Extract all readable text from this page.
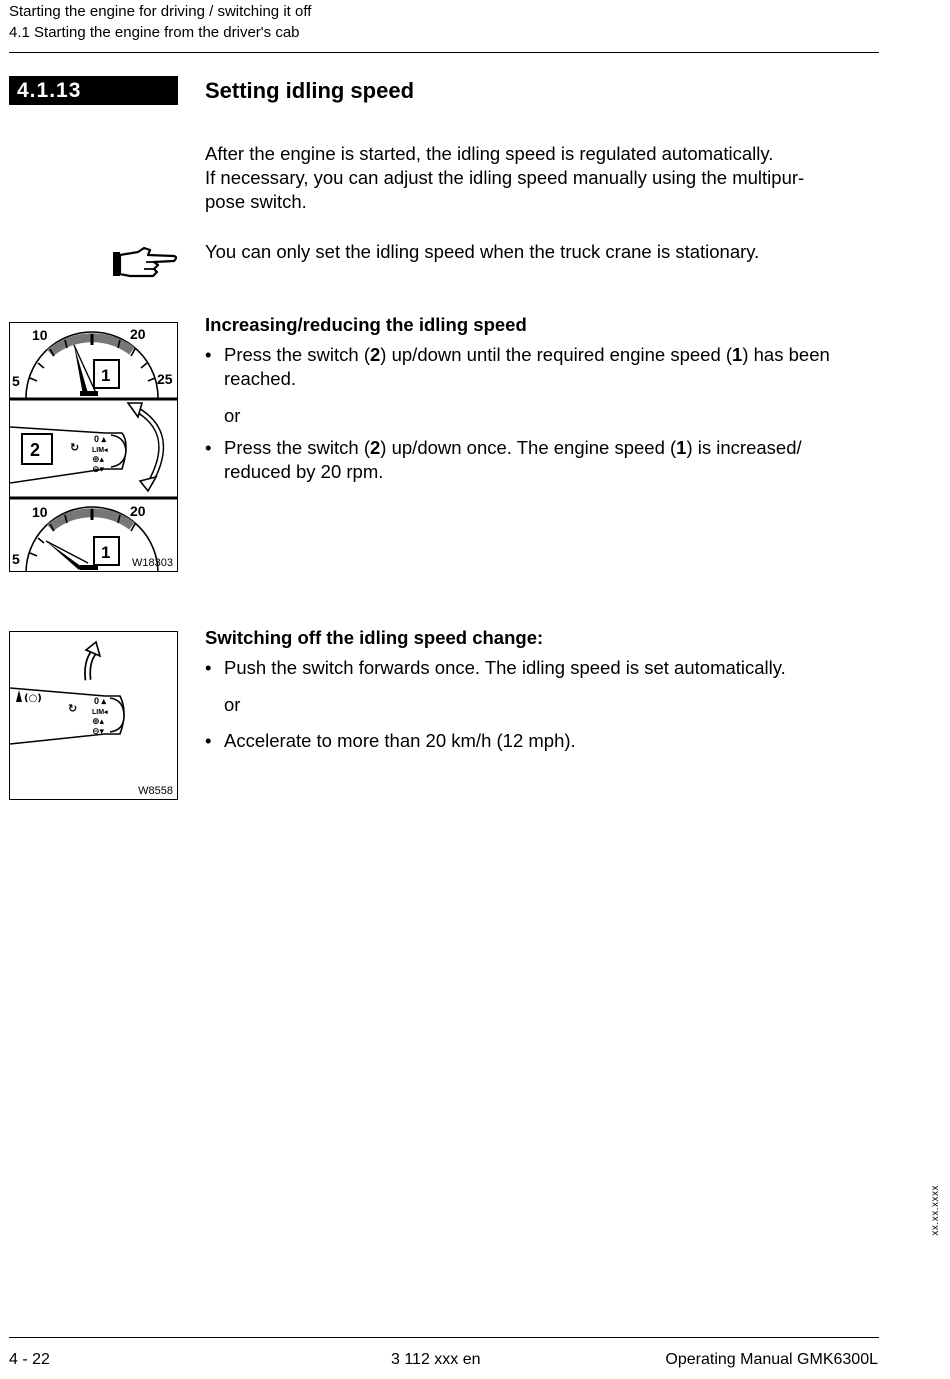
Starting the engine for driving / switching it off
4.1 Starting the engine from the driver's cab
4.1.13	Setting idling speed
After the engine is started, the idling speed is regulated automatically.
If necessary, you can adjust the idling speed manually using the multipur-
pose switch.
You can only set the idling speed when the truck crane is stationary.
10	20
5	25
1
2	↻
0 ▴
LIM◂
⊕▴
⊖▾
10	20
5	1
W18303
Increasing/reducing the idling speed
• Press the switch (2) up/down until the required engine speed (1) has been
reached.
or
• Press the switch (2) up/down once. The engine speed (1) is increased/
reduced by 20 rpm.
(○)
↻
0 ▴
LIM◂
⊕▴
⊖▾
W8558
Switching off the idling speed change:
• Push the switch forwards once. The idling speed is set automatically.
or
• Accelerate to more than 20 km/h (12 mph).
xx.xx.xxxx
4 - 22	3 112 xxx en	Operating Manual GMK6300L
